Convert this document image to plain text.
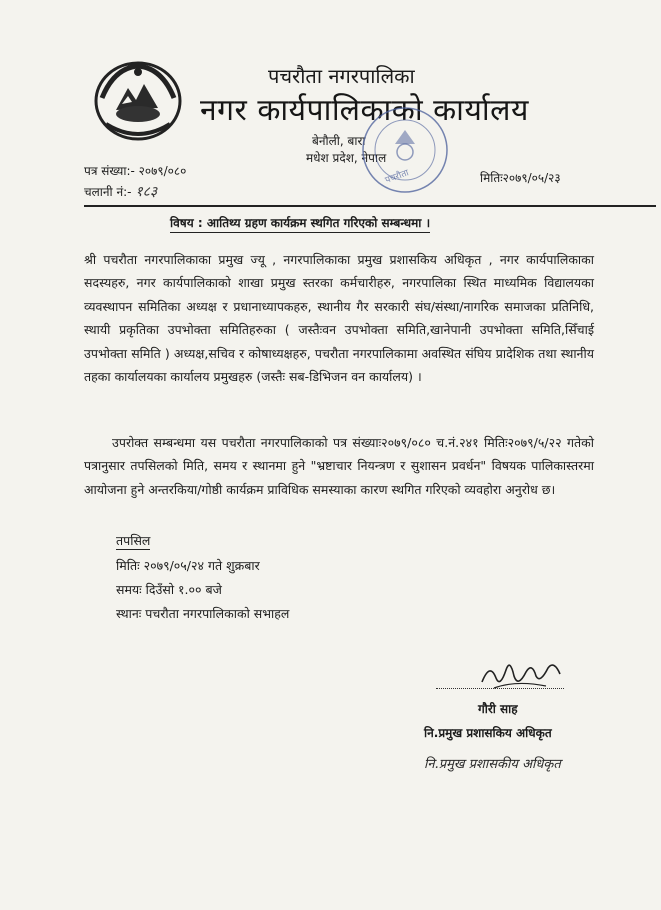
पचरौता नगरपालिका
नगर कार्यपालिकाको कार्यालय
बेनौली, बारा
मधेश प्रदेश, नेपाल
पचरौता
पत्र संख्या:- २०७९/०८०
चलानी नं:- १८३
मितिः२०७९/०५/२३
विषय : आतिथ्य ग्रहण कार्यक्रम स्थगित गरिएको सम्बन्धमा ।
श्री पचरौता नगरपालिकाका प्रमुख ज्यू , नगरपालिकाका प्रमुख प्रशासकिय अधिकृत , नगर कार्यपालिकाका सदस्यहरु, नगर कार्यपालिकाको शाखा प्रमुख स्तरका कर्मचारीहरु, नगरपालिका स्थित माध्यमिक विद्यालयका व्यवस्थापन समितिका अध्यक्ष र प्रधानाध्यापकहरु, स्थानीय गैर सरकारी संघ/संस्था/नागरिक समाजका प्रतिनिधि, स्थायी प्रकृतिका उपभोक्ता समितिहरुका ( जस्तैःवन उपभोक्ता समिति,खानेपानी उपभोक्ता समिति,सिँचाई उपभोक्ता समिति ) अध्यक्ष,सचिव र कोषाध्यक्षहरु, पचरौता नगरपालिकामा अवस्थित संघिय प्रादेशिक तथा स्थानीय तहका कार्यालयका कार्यालय प्रमुखहरु (जस्तैः सब-डिभिजन वन कार्यालय) ।
उपरोक्त सम्बन्धमा यस पचरौता नगरपालिकाको पत्र संख्याः२०७९/०८० च.नं.२४१ मितिः२०७९/५/२२ गतेको पत्रानुसार तपसिलको मिति, समय र स्थानमा हुने "भ्रष्टाचार नियन्त्रण र सुशासन प्रवर्धन" विषयक पालिकास्तरमा आयोजना हुने अन्तरकिया/गोष्ठी कार्यक्रम प्राविधिक समस्याका कारण स्थगित गरिएको व्यवहोरा अनुरोध छ।
तपसिल
मितिः २०७९/०५/२४ गते शुक्रबार
समयः दिउँसो १.०० बजे
स्थानः पचरौता नगरपालिकाको सभाहल
गौरी साह
नि.प्रमुख प्रशासकिय अधिकृत
नि.प्रमुख प्रशासकीय अधिकृत
